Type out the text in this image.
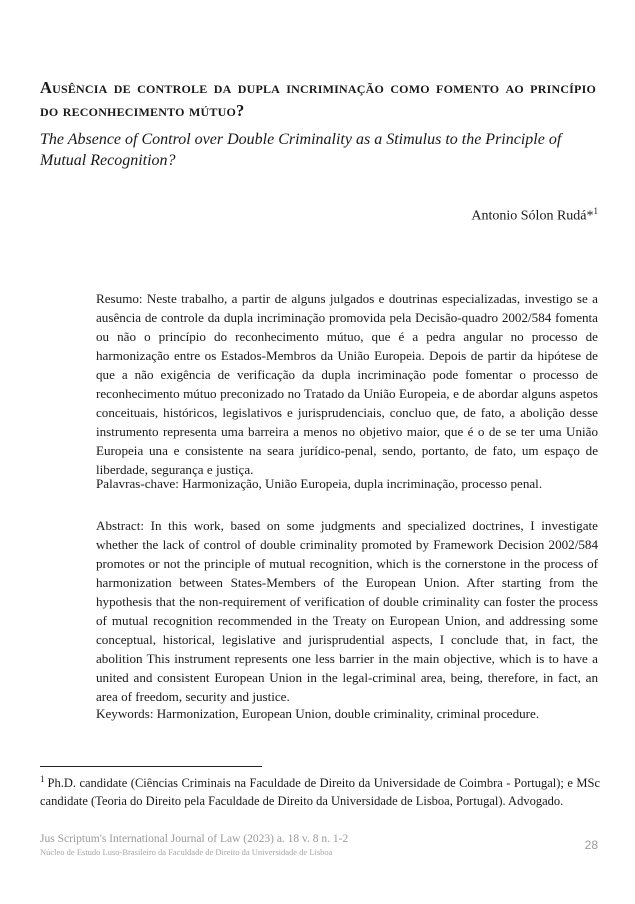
Ausência de controle da dupla incriminação como fomento ao princípio do reconhecimento mútuo?
The Absence of Control over Double Criminality as a Stimulus to the Principle of Mutual Recognition?
Antonio Sólon Rudá*$^1$
Resumo: Neste trabalho, a partir de alguns julgados e doutrinas especializadas, investigo se a ausência de controle da dupla incriminação promovida pela Decisão-quadro 2002/584 fomenta ou não o princípio do reconhecimento mútuo, que é a pedra angular no processo de harmonização entre os Estados-Membros da União Europeia. Depois de partir da hipótese de que a não exigência de verificação da dupla incriminação pode fomentar o processo de reconhecimento mútuo preconizado no Tratado da União Europeia, e de abordar alguns aspetos conceituais, históricos, legislativos e jurisprudenciais, concluo que, de fato, a abolição desse instrumento representa uma barreira a menos no objetivo maior, que é o de se ter uma União Europeia una e consistente na seara jurídico-penal, sendo, portanto, de fato, um espaço de liberdade, segurança e justiça.
Palavras-chave: Harmonização, União Europeia, dupla incriminação, processo penal.
Abstract: In this work, based on some judgments and specialized doctrines, I investigate whether the lack of control of double criminality promoted by Framework Decision 2002/584 promotes or not the principle of mutual recognition, which is the cornerstone in the process of harmonization between States-Members of the European Union. After starting from the hypothesis that the non-requirement of verification of double criminality can foster the process of mutual recognition recommended in the Treaty on European Union, and addressing some conceptual, historical, legislative and jurisprudential aspects, I conclude that, in fact, the abolition This instrument represents one less barrier in the main objective, which is to have a united and consistent European Union in the legal-criminal area, being, therefore, in fact, an area of freedom, security and justice.
Keywords: Harmonization, European Union, double criminality, criminal procedure.
$^1$ Ph.D. candidate (Ciências Criminais na Faculdade de Direito da Universidade de Coimbra - Portugal); e MSc candidate (Teoria do Direito pela Faculdade de Direito da Universidade de Lisboa, Portugal). Advogado.
Jus Scriptum's International Journal of Law (2023) a. 18 v. 8 n. 1-2
Núcleo de Estudo Luso-Brasileiro da Faculdade de Direito da Universidade de Lisboa	28
